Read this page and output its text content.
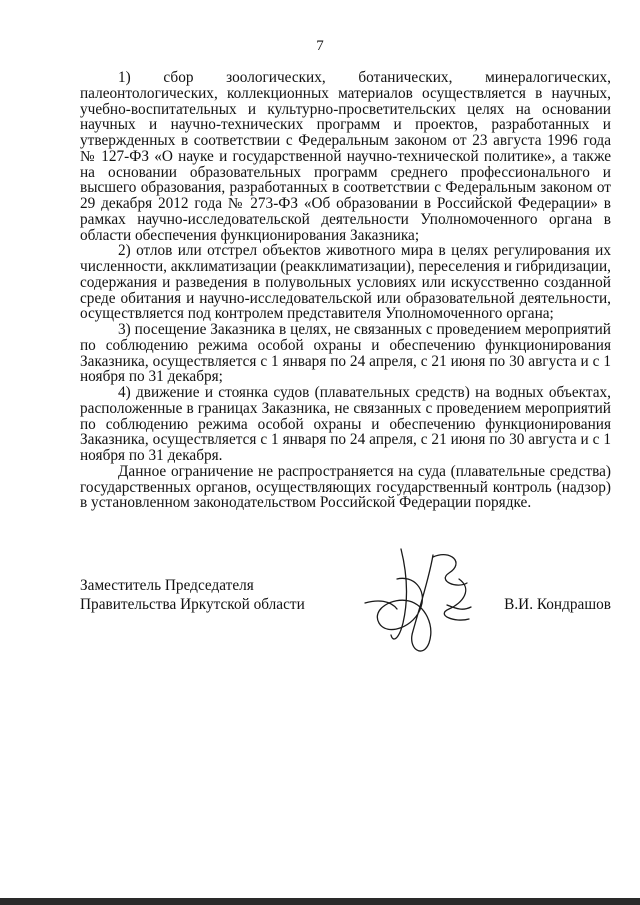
7

1) сбор зоологических, ботанических, минералогических, палеонтологических, коллекционных материалов осуществляется в научных, учебно-воспитательных и культурно-просветительских целях на основании научных и научно-технических программ и проектов, разработанных и утвержденных в соответствии с Федеральным законом от 23 августа 1996 года № 127-ФЗ «О науке и государственной научно-технической политике», а также на основании образовательных программ среднего профессионального и высшего образования, разработанных в соответствии с Федеральным законом от 29 декабря 2012 года № 273-ФЗ «Об образовании в Российской Федерации» в рамках научно-исследовательской деятельности Уполномоченного органа в области обеспечения функционирования Заказника;

2) отлов или отстрел объектов животного мира в целях регулирования их численности, акклиматизации (реакклиматизации), переселения и гибридизации, содержания и разведения в полувольных условиях или искусственно созданной среде обитания и научно-исследовательской или образовательной деятельности, осуществляется под контролем представителя Уполномоченного органа;

3) посещение Заказника в целях, не связанных с проведением мероприятий по соблюдению режима особой охраны и обеспечению функционирования Заказника, осуществляется с 1 января по 24 апреля, с 21 июня по 30 августа и с 1 ноября по 31 декабря;

4) движение и стоянка судов (плавательных средств) на водных объектах, расположенные в границах Заказника, не связанных с проведением мероприятий по соблюдению режима особой охраны и обеспечению функционирования Заказника, осуществляется с 1 января по 24 апреля, с 21 июня по 30 августа и с 1 ноября по 31 декабря.

Данное ограничение не распространяется на суда (плавательные средства) государственных органов, осуществляющих государственный контроль (надзор) в установленном законодательством Российской Федерации порядке.

Заместитель Председателя
Правительства Иркутской области	В.И. Кондрашов
